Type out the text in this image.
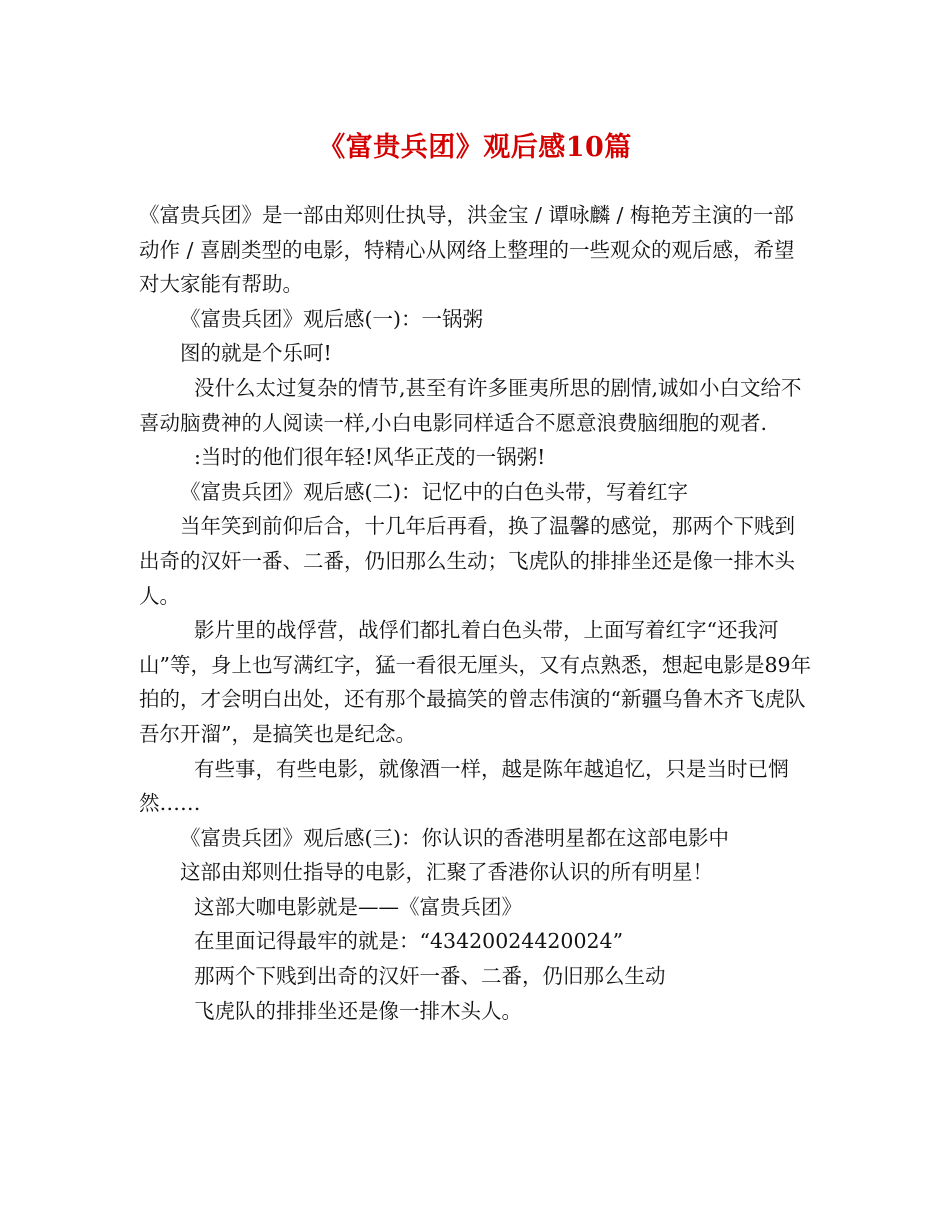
《富贵兵团》观后感10篇

《富贵兵团》是一部由郑则仕执导，洪金宝 / 谭咏麟 / 梅艳芳主演的一部动作 / 喜剧类型的电影，特精心从网络上整理的一些观众的观后感，希望对大家能有帮助。

《富贵兵团》观后感(一)：一锅粥

图的就是个乐呵!

没什么太过复杂的情节,甚至有许多匪夷所思的剧情,诚如小白文给不喜动脑费神的人阅读一样,小白电影同样适合不愿意浪费脑细胞的观者.

:当时的他们很年轻!风华正茂的一锅粥!

《富贵兵团》观后感(二)：记忆中的白色头带，写着红字

当年笑到前仰后合，十几年后再看，换了温馨的感觉，那两个下贱到出奇的汉奸一番、二番，仍旧那么生动；飞虎队的排排坐还是像一排木头人。

影片里的战俘营，战俘们都扎着白色头带，上面写着红字“还我河山”等，身上也写满红字，猛一看很无厘头，又有点熟悉，想起电影是89年拍的，才会明白出处，还有那个最搞笑的曾志伟演的“新疆乌鲁木齐飞虎队 吾尔开溜”，是搞笑也是纪念。

有些事，有些电影，就像酒一样，越是陈年越追忆，只是当时已惘然……

《富贵兵团》观后感(三)：你认识的香港明星都在这部电影中

这部由郑则仕指导的电影，汇聚了香港你认识的所有明星！

这部大咖电影就是——《富贵兵团》

在里面记得最牢的就是：“43420024420024”

那两个下贱到出奇的汉奸一番、二番，仍旧那么生动

飞虎队的排排坐还是像一排木头人。
